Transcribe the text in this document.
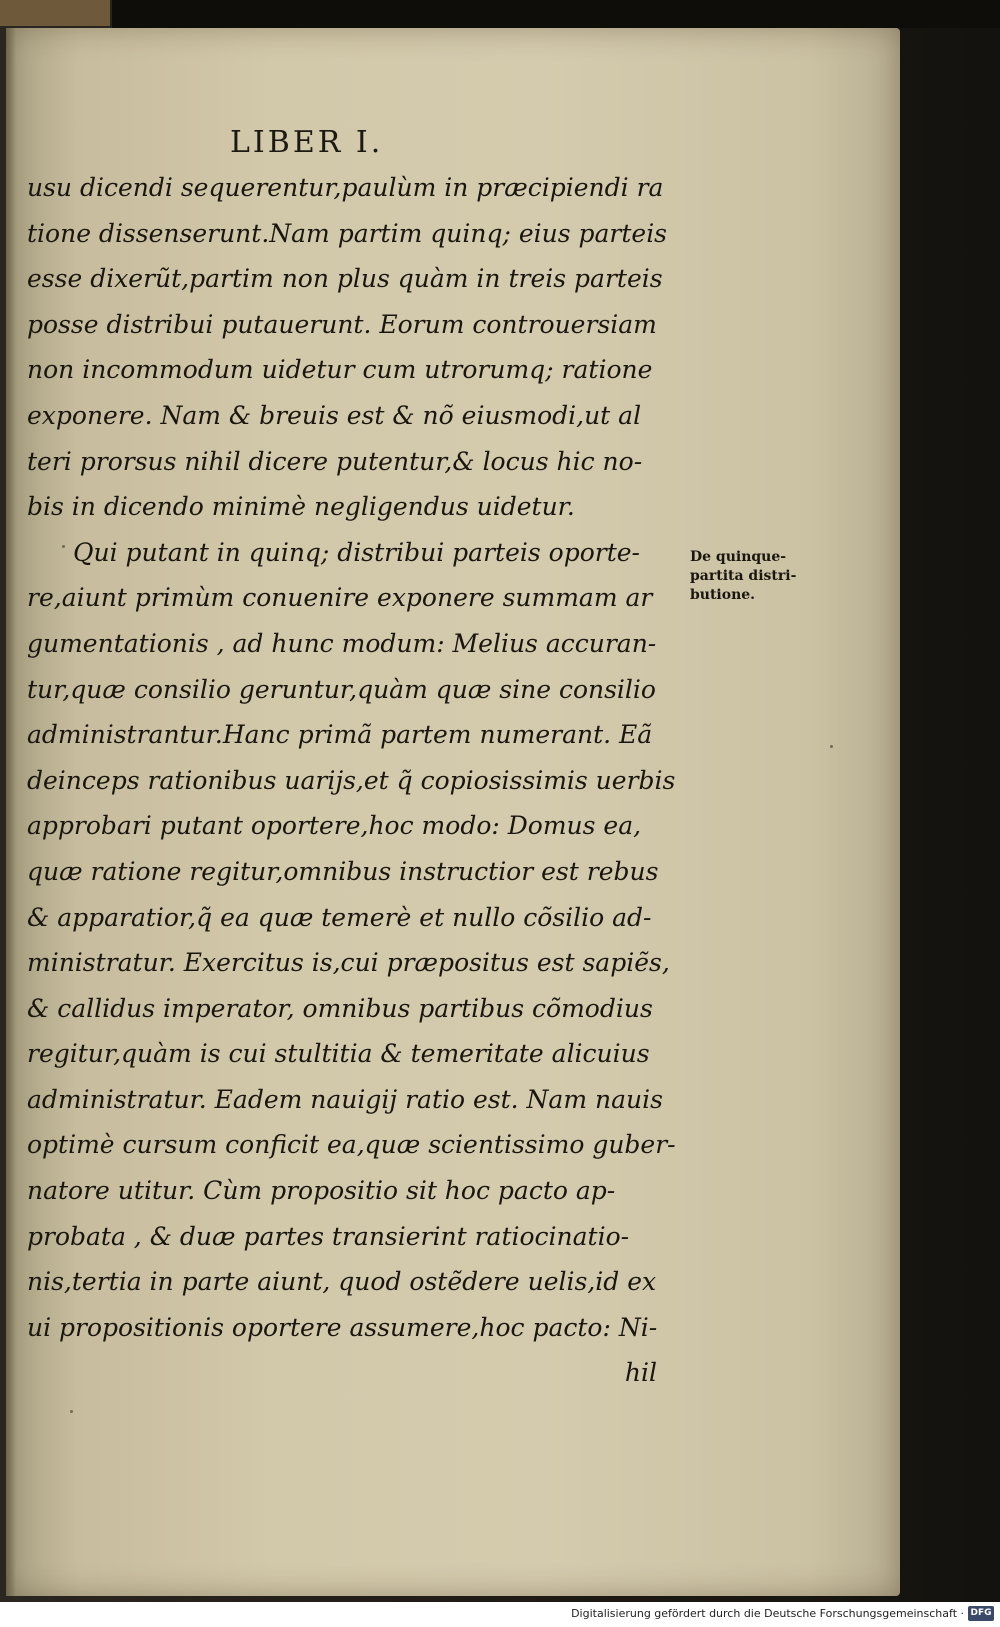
LIBER I.
usu dicendi sequerentur,paulùm in præcipiendi ra
tione dissenserunt.Nam partim quinq; eius parteis
esse dixerũt,partim non plus quàm in treis parteis
posse distribui putauerunt. Eorum controuersiam
non incommodum uidetur cum utrorumq; ratione
exponere. Nam & breuis est & nõ eiusmodi,ut al
teri prorsus nihil dicere putentur,& locus hic no-
bis in dicendo minimè negligendus uidetur.
Qui putant in quinq; distribui parteis oporte-
re,aiunt primùm conuenire exponere summam ar
gumentationis , ad hunc modum: Melius accuran-
tur,quæ consilio geruntur,quàm quæ sine consilio
administrantur.Hanc primã partem numerant. Eã
deinceps rationibus uarijs,et q̃ copiosissimis uerbis
approbari putant oportere,hoc modo: Domus ea,
quæ ratione regitur,omnibus instructior est rebus
& apparatior,q̃ ea quæ temerè et nullo cõsilio ad-
ministratur. Exercitus is,cui præpositus est sapiẽs,
& callidus imperator, omnibus partibus cõmodius
regitur,quàm is cui stultitia & temeritate alicuius
administratur. Eadem nauigij ratio est. Nam nauis
optimè cursum conficit ea,quæ scientissimo guber-
natore utitur. Cùm propositio sit hoc pacto ap-
probata , & duæ partes transierint ratiocinatio-
nis,tertia in parte aiunt, quod ostẽdere uelis,id ex
ui propositionis oportere assumere,hoc pacto: Ni-
hil
De quinque-
partita distri-
butione.
Digitalisierung gefördert durch die Deutsche Forschungsgemeinschaft · DFG
